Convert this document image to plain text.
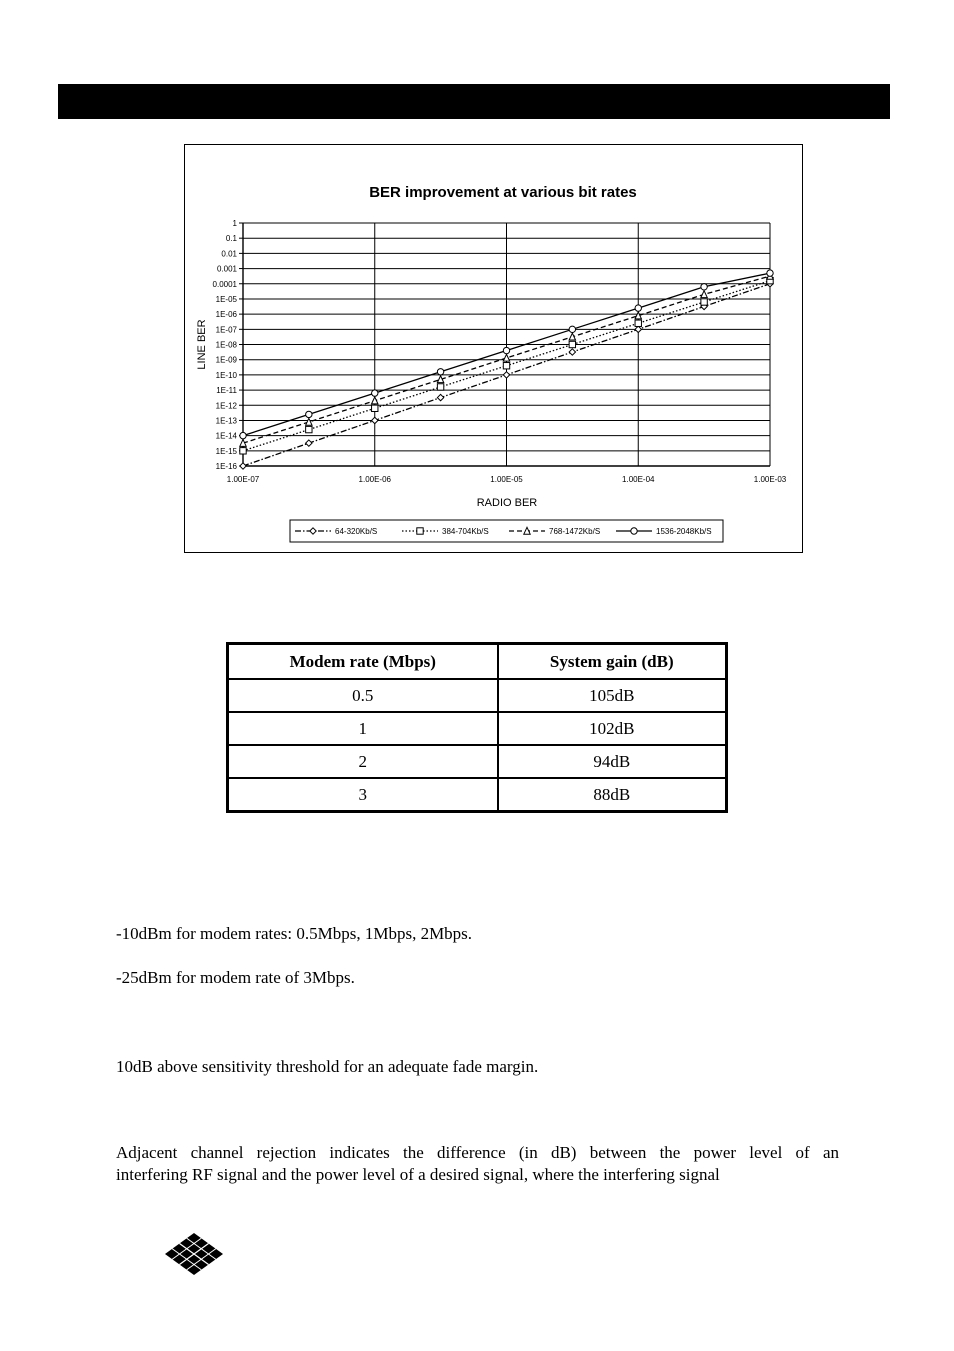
BER improvement at various bit rates
1
0.1
0.01
0.001
0.0001
1E-05
1E-06
1E-07
1E-08
1E-09
1E-10
1E-11
1E-12
1E-13
1E-14
1E-15
1E-16
1.00E-07	1.00E-06	1.00E-05	1.00E-04	1.00E-03
RADIO BER
LINE BER
64-320Kb/S	384-704Kb/S	768-1472Kb/S	1536-2048Kb/S
Modem rate (Mbps)	System gain (dB)
0.5	105dB
1	102dB
2	94dB
3	88dB

-10dBm for modem rates: 0.5Mbps, 1Mbps, 2Mbps.

-25dBm for modem rate of 3Mbps.

10dB above sensitivity threshold for an adequate fade margin.

Adjacent channel rejection indicates the difference (in dB) between the power level of an
interfering RF signal and the power level of a desired signal, where the interfering signal
